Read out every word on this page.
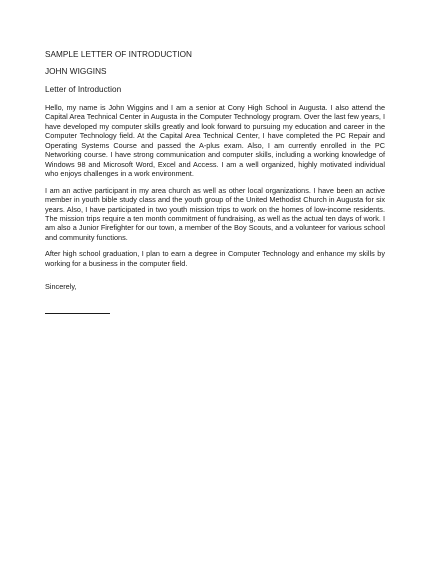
SAMPLE LETTER OF INTRODUCTION
JOHN WIGGINS
Letter of Introduction

Hello, my name is John Wiggins and I am a senior at Cony High School in Augusta. I also attend the Capital Area Technical Center in Augusta in the Computer Technology program. Over the last few years, I have developed my computer skills greatly and look forward to pursuing my education and career in the Computer Technology field. At the Capital Area Technical Center, I have completed the PC Repair and Operating Systems Course and passed the A-plus exam. Also, I am currently enrolled in the PC Networking course. I have strong communication and computer skills, including a working knowledge of Windows 98 and Microsoft Word, Excel and Access. I am a well organized, highly motivated individual who enjoys challenges in a work environment.

I am an active participant in my area church as well as other local organizations. I have been an active member in youth bible study class and the youth group of the United Methodist Church in Augusta for six years. Also, I have participated in two youth mission trips to work on the homes of low-income residents. The mission trips require a ten month commitment of fundraising, as well as the actual ten days of work. I am also a Junior Firefighter for our town, a member of the Boy Scouts, and a volunteer for various school and community functions.

After high school graduation, I plan to earn a degree in Computer Technology and enhance my skills by working for a business in the computer field.

Sincerely,
